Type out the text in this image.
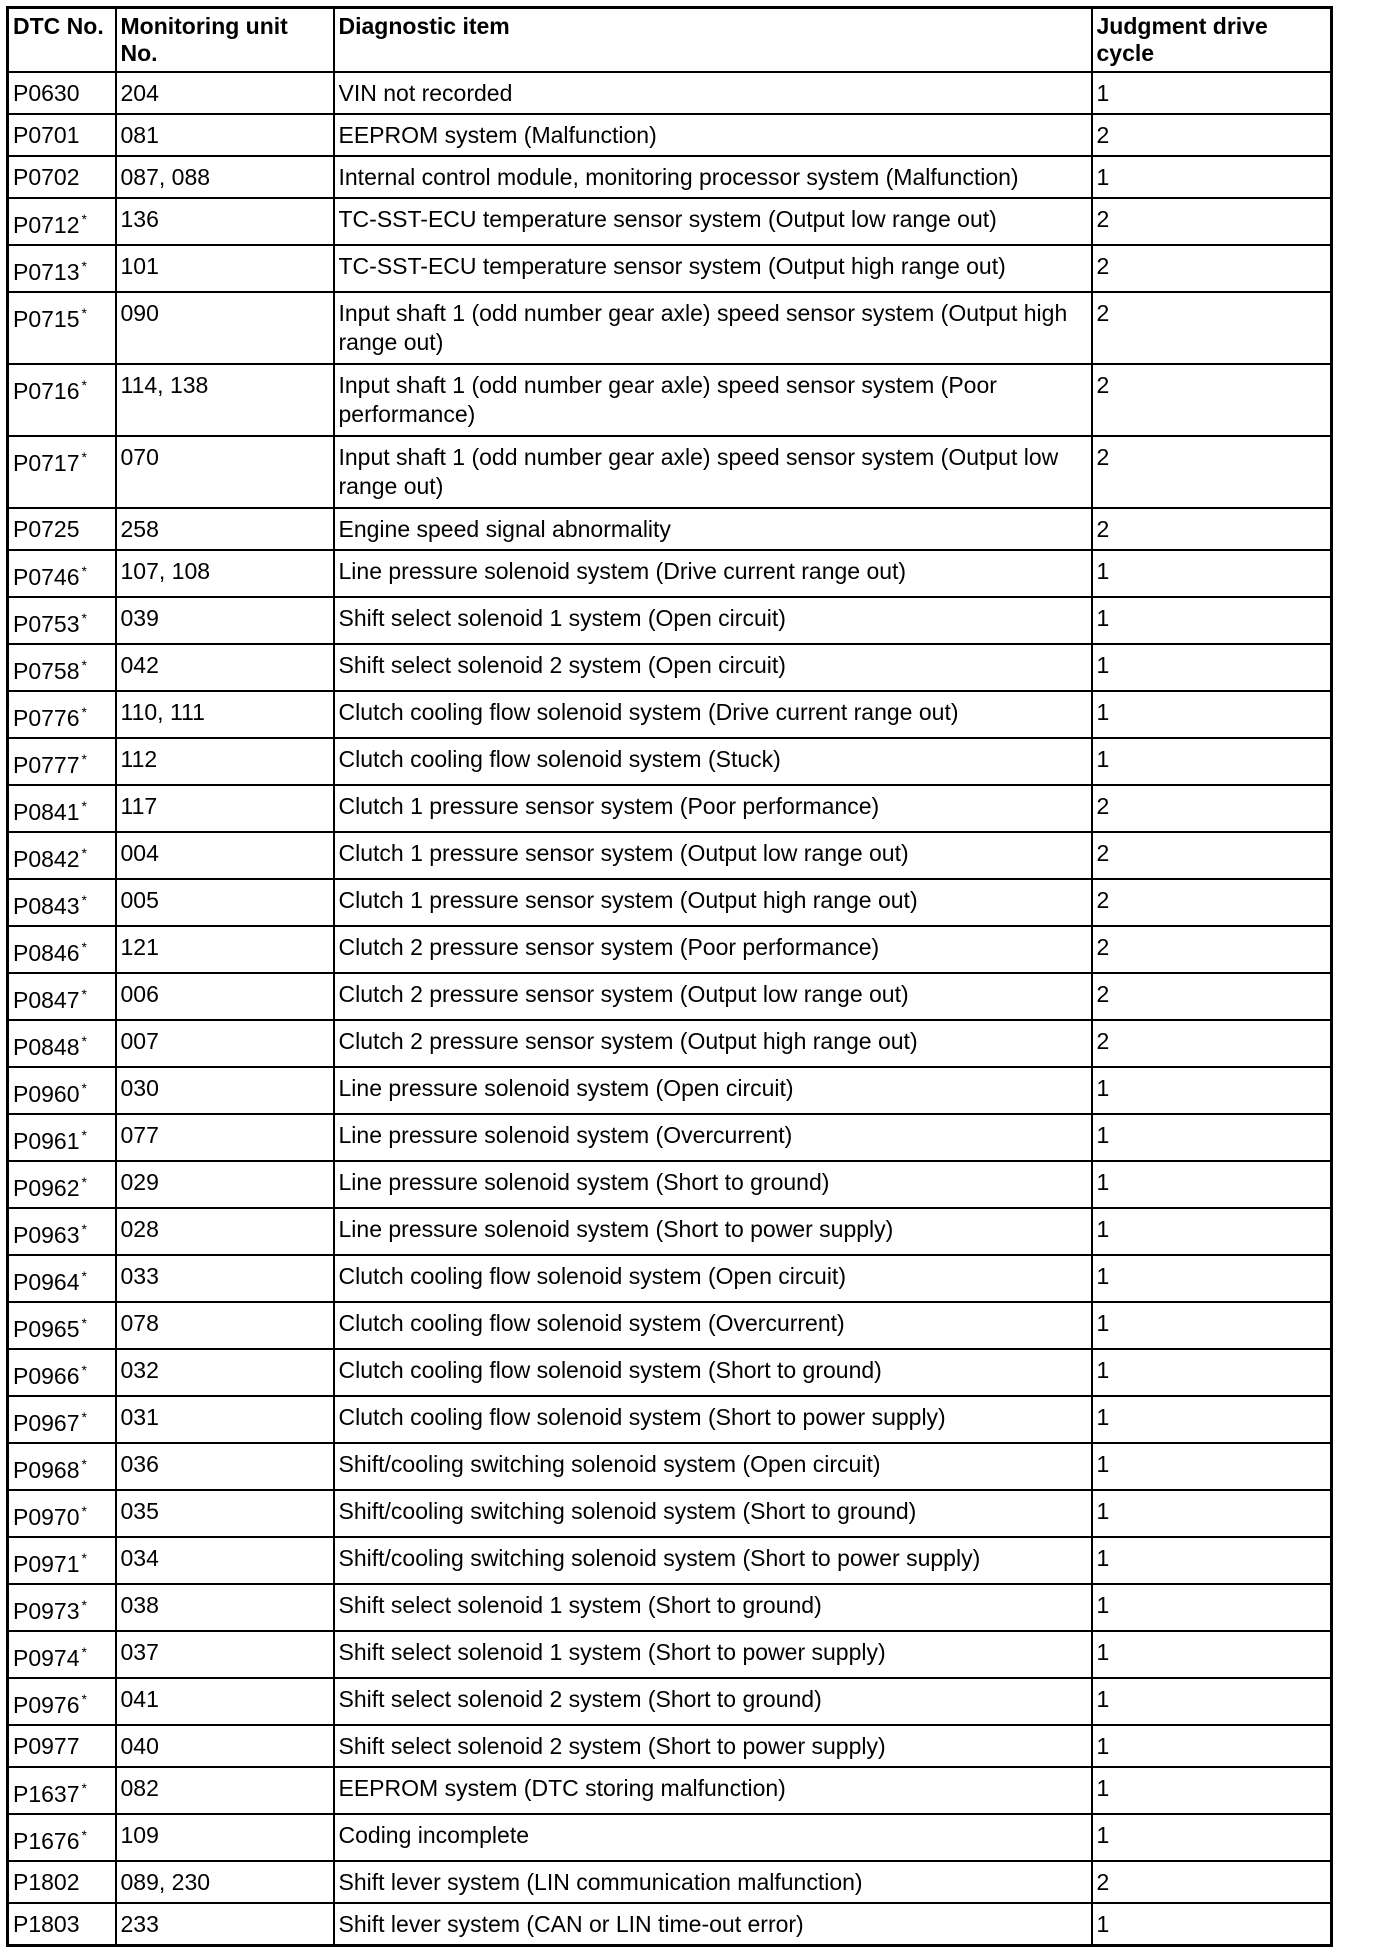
DTC No.	Monitoring unit No.	Diagnostic item	Judgment drive cycle
P0630	204	VIN not recorded	1
P0701	081	EEPROM system (Malfunction)	2
P0702	087, 088	Internal control module, monitoring processor system (Malfunction)	1
P0712 *	136	TC-SST-ECU temperature sensor system (Output low range out)	2
P0713 *	101	TC-SST-ECU temperature sensor system (Output high range out)	2
P0715 *	090	Input shaft 1 (odd number gear axle) speed sensor system (Output high range out)	2
P0716 *	114, 138	Input shaft 1 (odd number gear axle) speed sensor system (Poor performance)	2
P0717 *	070	Input shaft 1 (odd number gear axle) speed sensor system (Output low range out)	2
P0725	258	Engine speed signal abnormality	2
P0746 *	107, 108	Line pressure solenoid system (Drive current range out)	1
P0753 *	039	Shift select solenoid 1 system (Open circuit)	1
P0758 *	042	Shift select solenoid 2 system (Open circuit)	1
P0776 *	110, 111	Clutch cooling flow solenoid system (Drive current range out)	1
P0777 *	112	Clutch cooling flow solenoid system (Stuck)	1
P0841 *	117	Clutch 1 pressure sensor system (Poor performance)	2
P0842 *	004	Clutch 1 pressure sensor system (Output low range out)	2
P0843 *	005	Clutch 1 pressure sensor system (Output high range out)	2
P0846 *	121	Clutch 2 pressure sensor system (Poor performance)	2
P0847 *	006	Clutch 2 pressure sensor system (Output low range out)	2
P0848 *	007	Clutch 2 pressure sensor system (Output high range out)	2
P0960 *	030	Line pressure solenoid system (Open circuit)	1
P0961 *	077	Line pressure solenoid system (Overcurrent)	1
P0962 *	029	Line pressure solenoid system (Short to ground)	1
P0963 *	028	Line pressure solenoid system (Short to power supply)	1
P0964 *	033	Clutch cooling flow solenoid system (Open circuit)	1
P0965 *	078	Clutch cooling flow solenoid system (Overcurrent)	1
P0966 *	032	Clutch cooling flow solenoid system (Short to ground)	1
P0967 *	031	Clutch cooling flow solenoid system (Short to power supply)	1
P0968 *	036	Shift/cooling switching solenoid system (Open circuit)	1
P0970 *	035	Shift/cooling switching solenoid system (Short to ground)	1
P0971 *	034	Shift/cooling switching solenoid system (Short to power supply)	1
P0973 *	038	Shift select solenoid 1 system (Short to ground)	1
P0974 *	037	Shift select solenoid 1 system (Short to power supply)	1
P0976 *	041	Shift select solenoid 2 system (Short to ground)	1
P0977	040	Shift select solenoid 2 system (Short to power supply)	1
P1637 *	082	EEPROM system (DTC storing malfunction)	1
P1676 *	109	Coding incomplete	1
P1802	089, 230	Shift lever system (LIN communication malfunction)	2
P1803	233	Shift lever system (CAN or LIN time-out error)	1
